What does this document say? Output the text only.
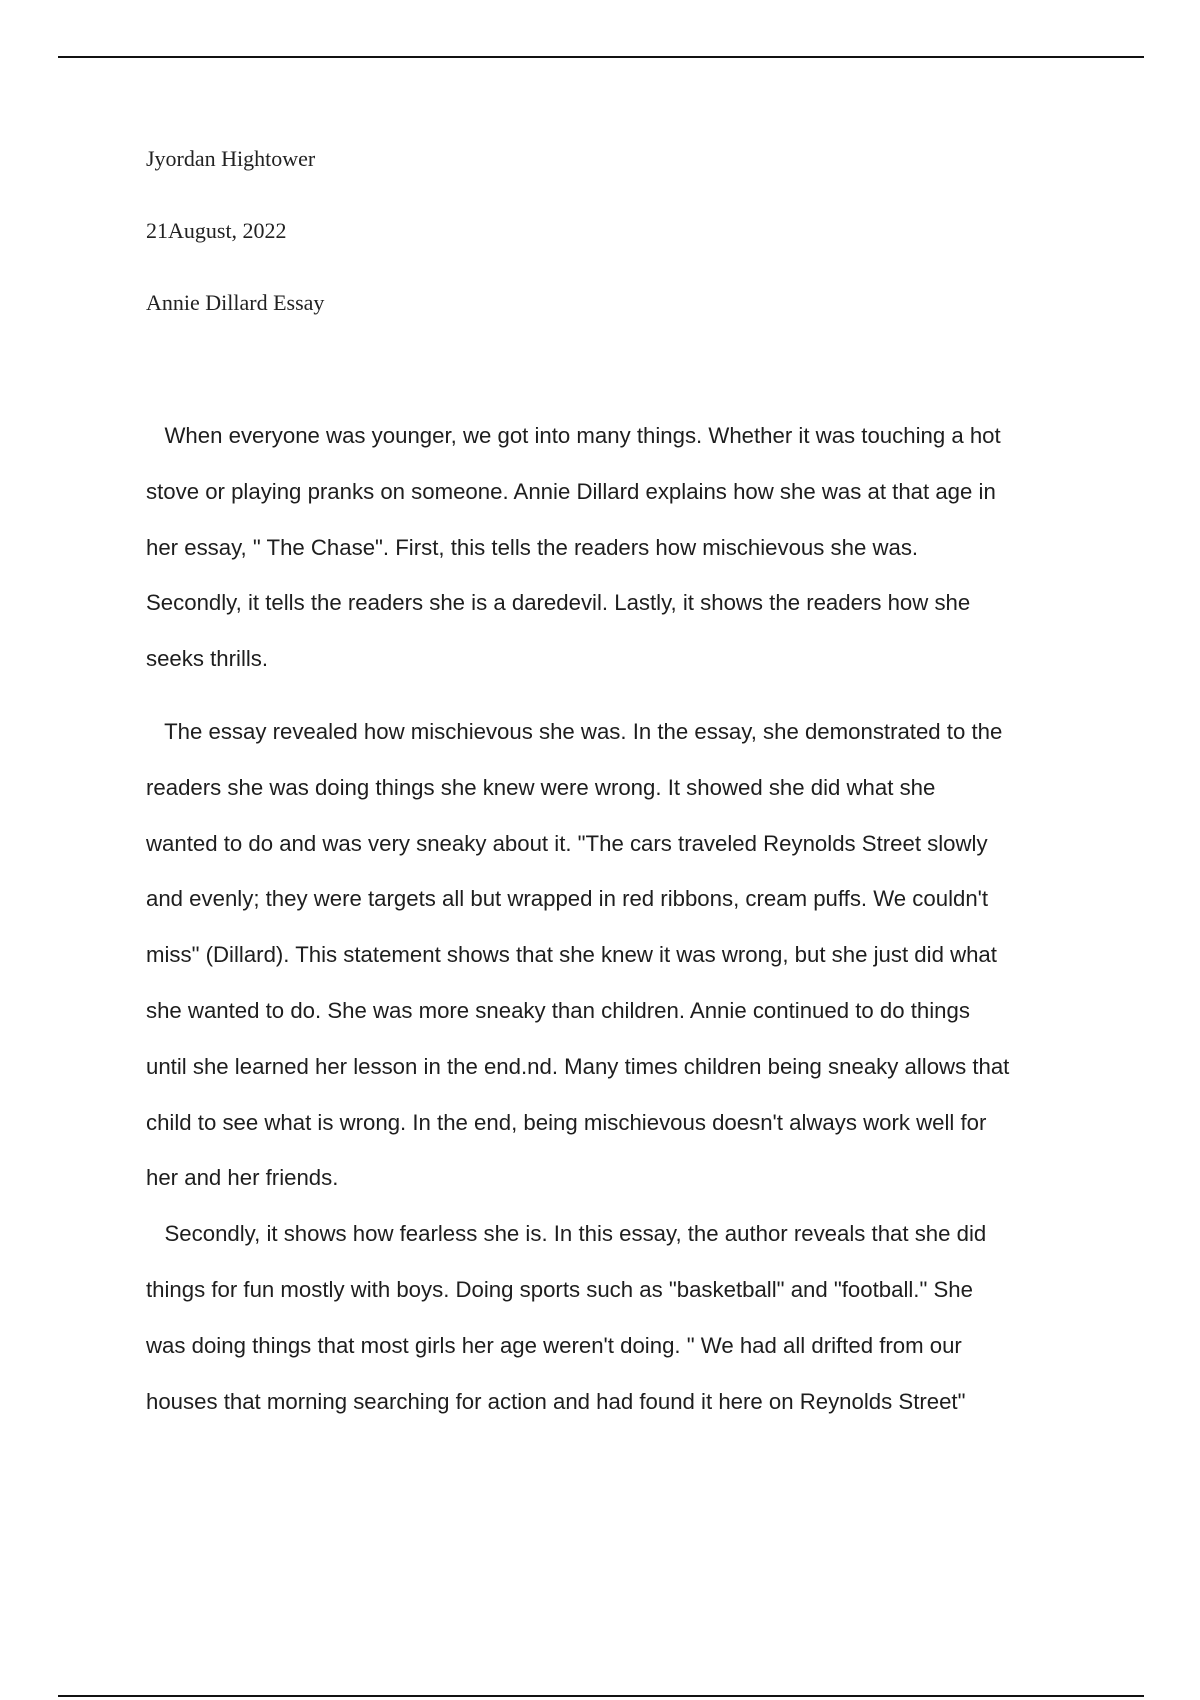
Jyordan Hightower
21August, 2022
Annie Dillard Essay
When everyone was younger, we got into many things. Whether it was touching a hot
stove or playing pranks on someone. Annie Dillard explains how she was at that age in
her essay, " The Chase". First, this tells the readers how mischievous she was.
Secondly, it tells the readers she is a daredevil. Lastly, it shows the readers how she
seeks thrills.
The essay revealed how mischievous she was. In the essay, she demonstrated to the
readers she was doing things she knew were wrong. It showed she did what she
wanted to do and was very sneaky about it. "The cars traveled Reynolds Street slowly
and evenly; they were targets all but wrapped in red ribbons, cream puffs. We couldn't
miss" (Dillard). This statement shows that she knew it was wrong, but she just did what
she wanted to do. She was more sneaky than children. Annie continued to do things
until she learned her lesson in the end.nd. Many times children being sneaky allows that
child to see what is wrong. In the end, being mischievous doesn't always work well for
her and her friends.
Secondly, it shows how fearless she is. In this essay, the author reveals that she did
things for fun mostly with boys. Doing sports such as "basketball" and "football." She
was doing things that most girls her age weren't doing. " We had all drifted from our
houses that morning searching for action and had found it here on Reynolds Street"
